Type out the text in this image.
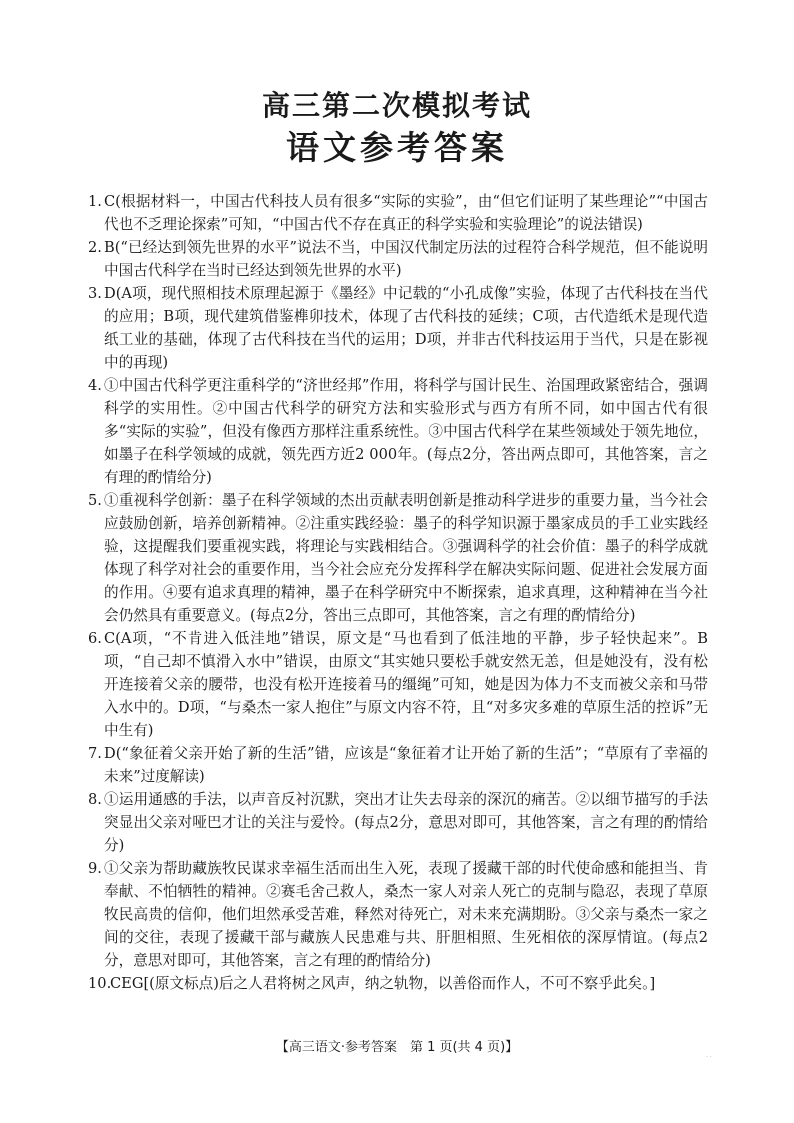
高三第二次模拟考试
语文参考答案
1. C(根据材料一，中国古代科技人员有很多“实际的实验”，由“但它们证明了某些理论”“中国古代也不乏理论探索”可知，“中国古代不存在真正的科学实验和实验理论”的说法错误)
2. B(“已经达到领先世界的水平”说法不当，中国汉代制定历法的过程符合科学规范，但不能说明中国古代科学在当时已经达到领先世界的水平)
3. D(A项，现代照相技术原理起源于《墨经》中记载的“小孔成像”实验，体现了古代科技在当代的应用；B项，现代建筑借鉴榫卯技术，体现了古代科技的延续；C项，古代造纸术是现代造纸工业的基础，体现了古代科技在当代的运用；D项，并非古代科技运用于当代，只是在影视中的再现)
4. ①中国古代科学更注重科学的“济世经邦”作用，将科学与国计民生、治国理政紧密结合，强调科学的实用性。②中国古代科学的研究方法和实验形式与西方有所不同，如中国古代有很多“实际的实验”，但没有像西方那样注重系统性。③中国古代科学在某些领域处于领先地位，如墨子在科学领域的成就，领先西方近2 000年。(每点2分，答出两点即可，其他答案，言之有理的酌情给分)
5. ①重视科学创新：墨子在科学领域的杰出贡献表明创新是推动科学进步的重要力量，当今社会应鼓励创新，培养创新精神。②注重实践经验：墨子的科学知识源于墨家成员的手工业实践经验，这提醒我们要重视实践，将理论与实践相结合。③强调科学的社会价值：墨子的科学成就体现了科学对社会的重要作用，当今社会应充分发挥科学在解决实际问题、促进社会发展方面的作用。④要有追求真理的精神，墨子在科学研究中不断探索，追求真理，这种精神在当今社会仍然具有重要意义。(每点2分，答出三点即可，其他答案，言之有理的酌情给分)
6. C(A项，“不肯进入低洼地”错误，原文是“马也看到了低洼地的平静，步子轻快起来”。B项，“自己却不慎滑入水中”错误，由原文“其实她只要松手就安然无恙，但是她没有，没有松开连接着父亲的腰带，也没有松开连接着马的缰绳”可知，她是因为体力不支而被父亲和马带入水中的。D项，“与桑杰一家人抱住”与原文内容不符，且“对多灾多难的草原生活的控诉”无中生有)
7. D(“象征着父亲开始了新的生活”错，应该是“象征着才让开始了新的生活”；“草原有了幸福的未来”过度解读)
8. ①运用通感的手法，以声音反衬沉默，突出才让失去母亲的深沉的痛苦。②以细节描写的手法突显出父亲对哑巴才让的关注与爱怜。(每点2分，意思对即可，其他答案，言之有理的酌情给分)
9. ①父亲为帮助藏族牧民谋求幸福生活而出生入死，表现了援藏干部的时代使命感和能担当、肯奉献、不怕牺牲的精神。②赛毛舍己救人，桑杰一家人对亲人死亡的克制与隐忍，表现了草原牧民高贵的信仰，他们坦然承受苦难，释然对待死亡，对未来充满期盼。③父亲与桑杰一家之间的交往，表现了援藏干部与藏族人民患难与共、肝胆相照、生死相依的深厚情谊。(每点2分，意思对即可，其他答案，言之有理的酌情给分)
10.
CEG[(原文标点)后之人君将树之风声，纳之轨物，以善俗而作人，不可不察乎此矣。]
【高三语文·参考答案　第 1 页(共 4 页)】
· ·
